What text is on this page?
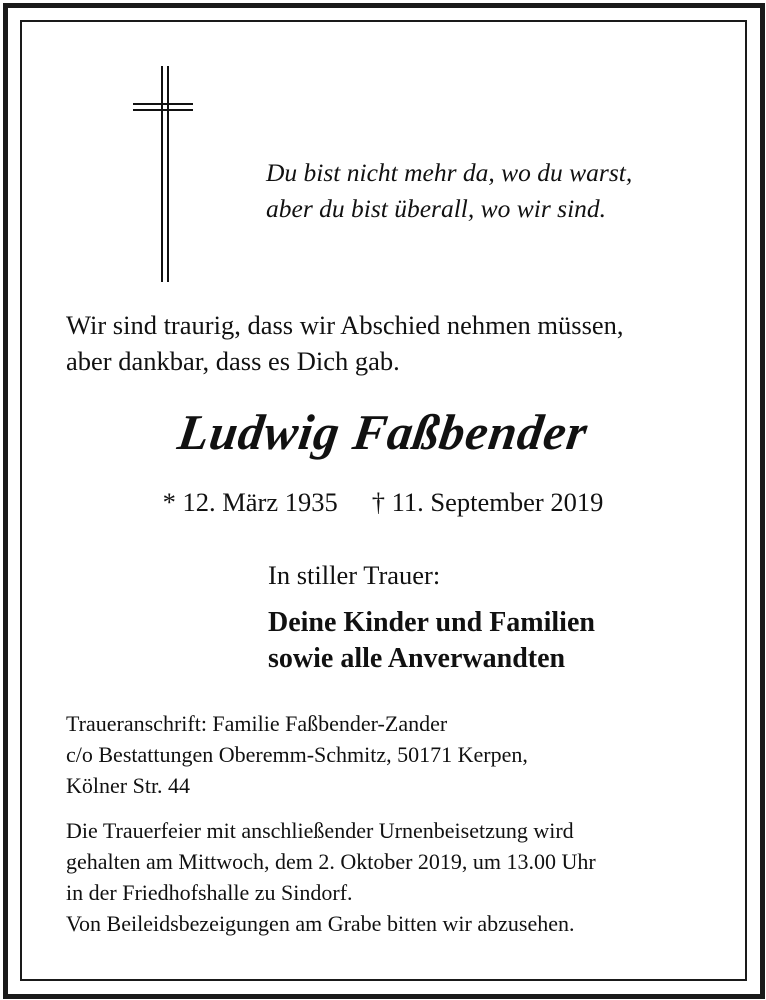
Du bist nicht mehr da, wo du warst,
aber du bist überall, wo wir sind.
Wir sind traurig, dass wir Abschied nehmen müssen,
aber dankbar, dass es Dich gab.
Ludwig Faßbender
* 12. März 1935 † 11. September 2019
In stiller Trauer:
Deine Kinder und Familien
sowie alle Anverwandten
Traueranschrift: Familie Faßbender-Zander
c/o Bestattungen Oberemm-Schmitz, 50171 Kerpen,
Kölner Str. 44
Die Trauerfeier mit anschließender Urnenbeisetzung wird
gehalten am Mittwoch, dem 2. Oktober 2019, um 13.00 Uhr
in der Friedhofshalle zu Sindorf.
Von Beileidsbezeigungen am Grabe bitten wir abzusehen.
